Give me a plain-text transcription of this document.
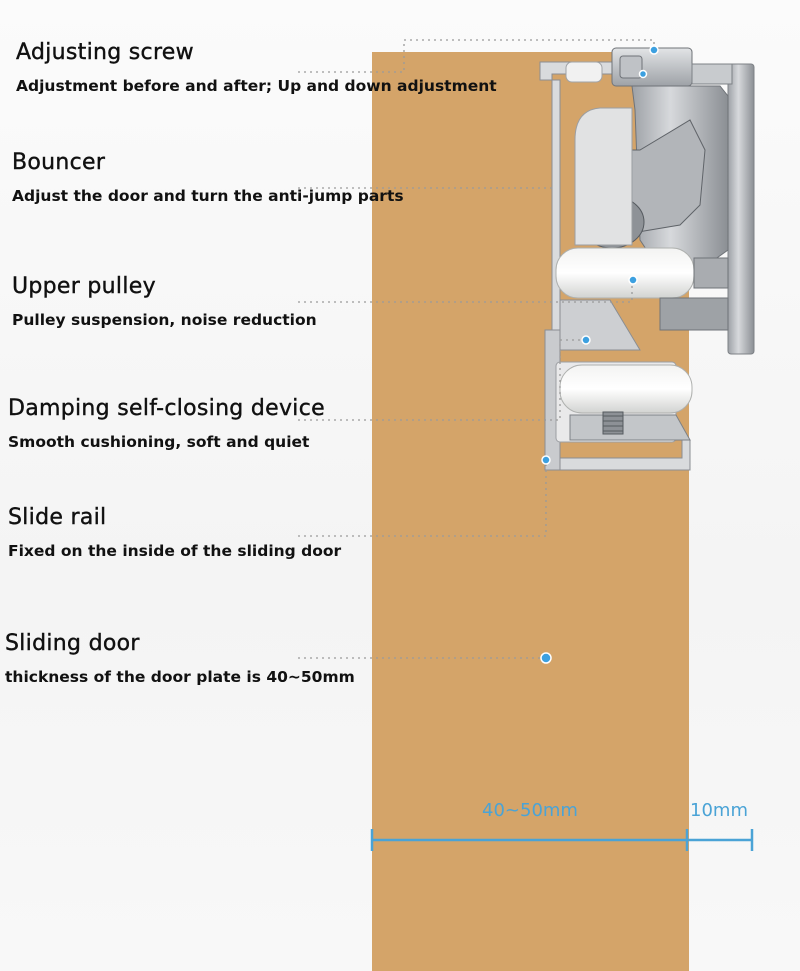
Adjusting screw
Adjustment before and after; Up and down adjustment
Bouncer
Adjust the door and turn the anti-jump parts
Upper pulley
Pulley suspension, noise reduction
Damping self-closing device
Smooth cushioning, soft and quiet
Slide rail
Fixed on the inside of the sliding door
Sliding door
thickness of the door plate is 40~50mm
40~50mm	10mm
